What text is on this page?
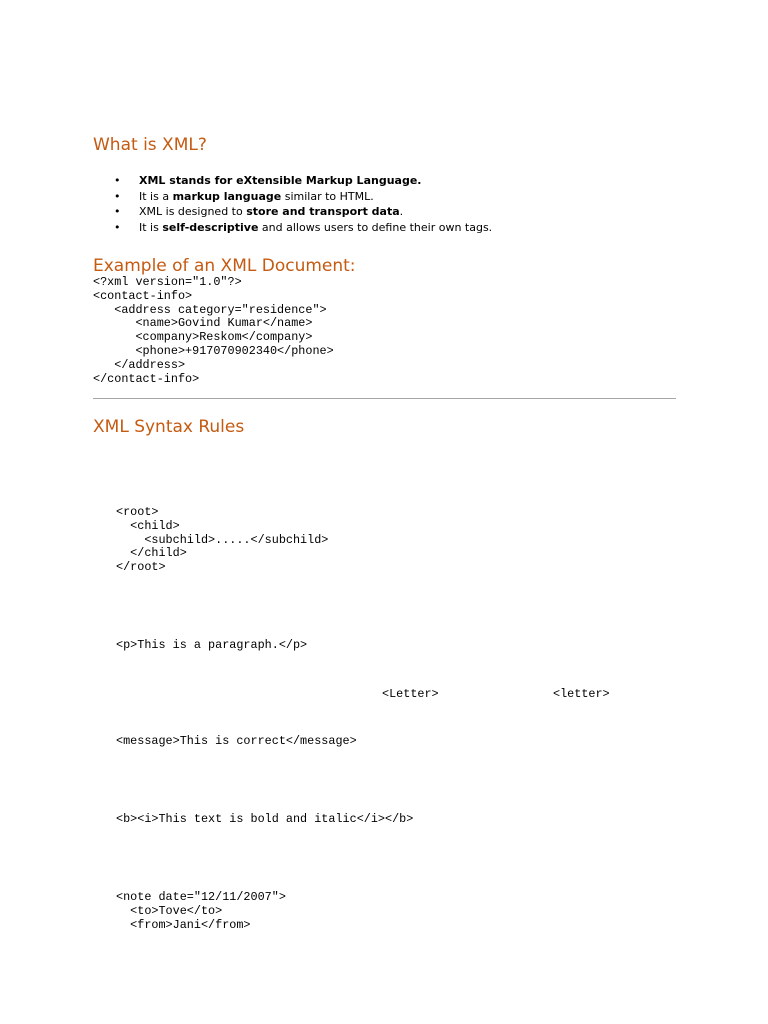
What is XML?
•	XML stands for eXtensible Markup Language.
•	It is a markup language similar to HTML.
•	XML is designed to store and transport data.
•	It is self-descriptive and allows users to define their own tags.
Example of an XML Document:
<?xml version="1.0"?>
<contact-info>
<address category="residence">
<name>Govind Kumar</name>
<company>Reskom</company>
<phone>+917070902340</phone>
</address>
</contact-info>
XML Syntax Rules
<root>
<child>
<subchild>.....</subchild>
</child>
</root>
<p>This is a paragraph.</p>
<Letter>	<letter>
<message>This is correct</message>
<b><i>This text is bold and italic</i></b>
<note date="12/11/2007">
<to>Tove</to>
<from>Jani</from>
